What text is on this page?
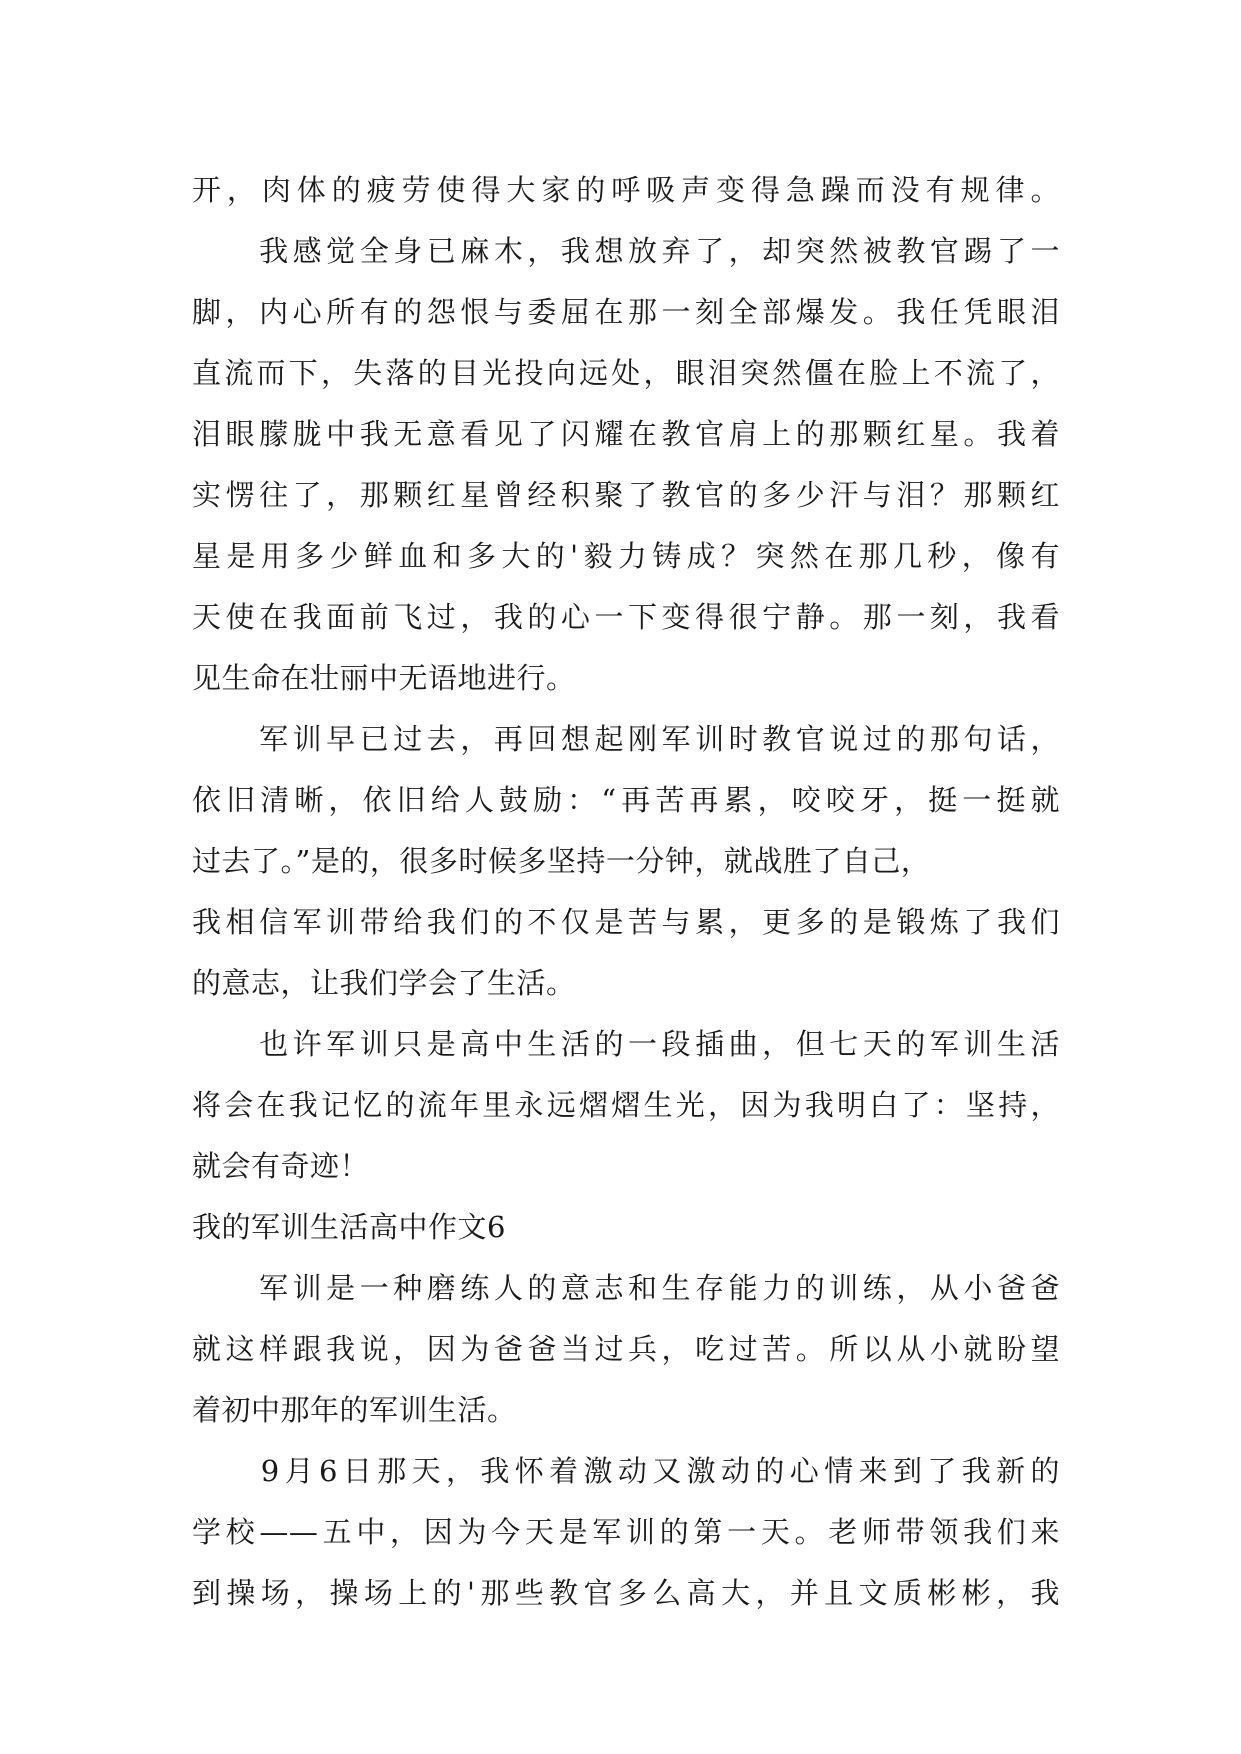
开，肉体的疲劳使得大家的呼吸声变得急躁而没有规律。
　　我感觉全身已麻木，我想放弃了，却突然被教官踢了一
脚，内心所有的怨恨与委屈在那一刻全部爆发。我任凭眼泪
直流而下，失落的目光投向远处，眼泪突然僵在脸上不流了，
泪眼朦胧中我无意看见了闪耀在教官肩上的那颗红星。我着
实愣往了，那颗红星曾经积聚了教官的多少汗与泪？那颗红
星是用多少鲜血和多大的'毅力铸成？突然在那几秒，像有
天使在我面前飞过，我的心一下变得很宁静。那一刻，我看
见生命在壮丽中无语地进行。
　　军训早已过去，再回想起刚军训时教官说过的那句话，
依旧清晰，依旧给人鼓励：“再苦再累，咬咬牙，挺一挺就
过去了。”是的，很多时候多坚持一分钟，就战胜了自己，
我相信军训带给我们的不仅是苦与累，更多的是锻炼了我们
的意志，让我们学会了生活。
　　也许军训只是高中生活的一段插曲，但七天的军训生活
将会在我记忆的流年里永远熠熠生光，因为我明白了：坚持，
就会有奇迹！
我的军训生活高中作文6
　　军训是一种磨练人的意志和生存能力的训练，从小爸爸
就这样跟我说，因为爸爸当过兵，吃过苦。所以从小就盼望
着初中那年的军训生活。
　　9月6日那天，我怀着激动又激动的心情来到了我新的
学校——五中，因为今天是军训的第一天。老师带领我们来
到操场，操场上的'那些教官多么高大，并且文质彬彬，我
